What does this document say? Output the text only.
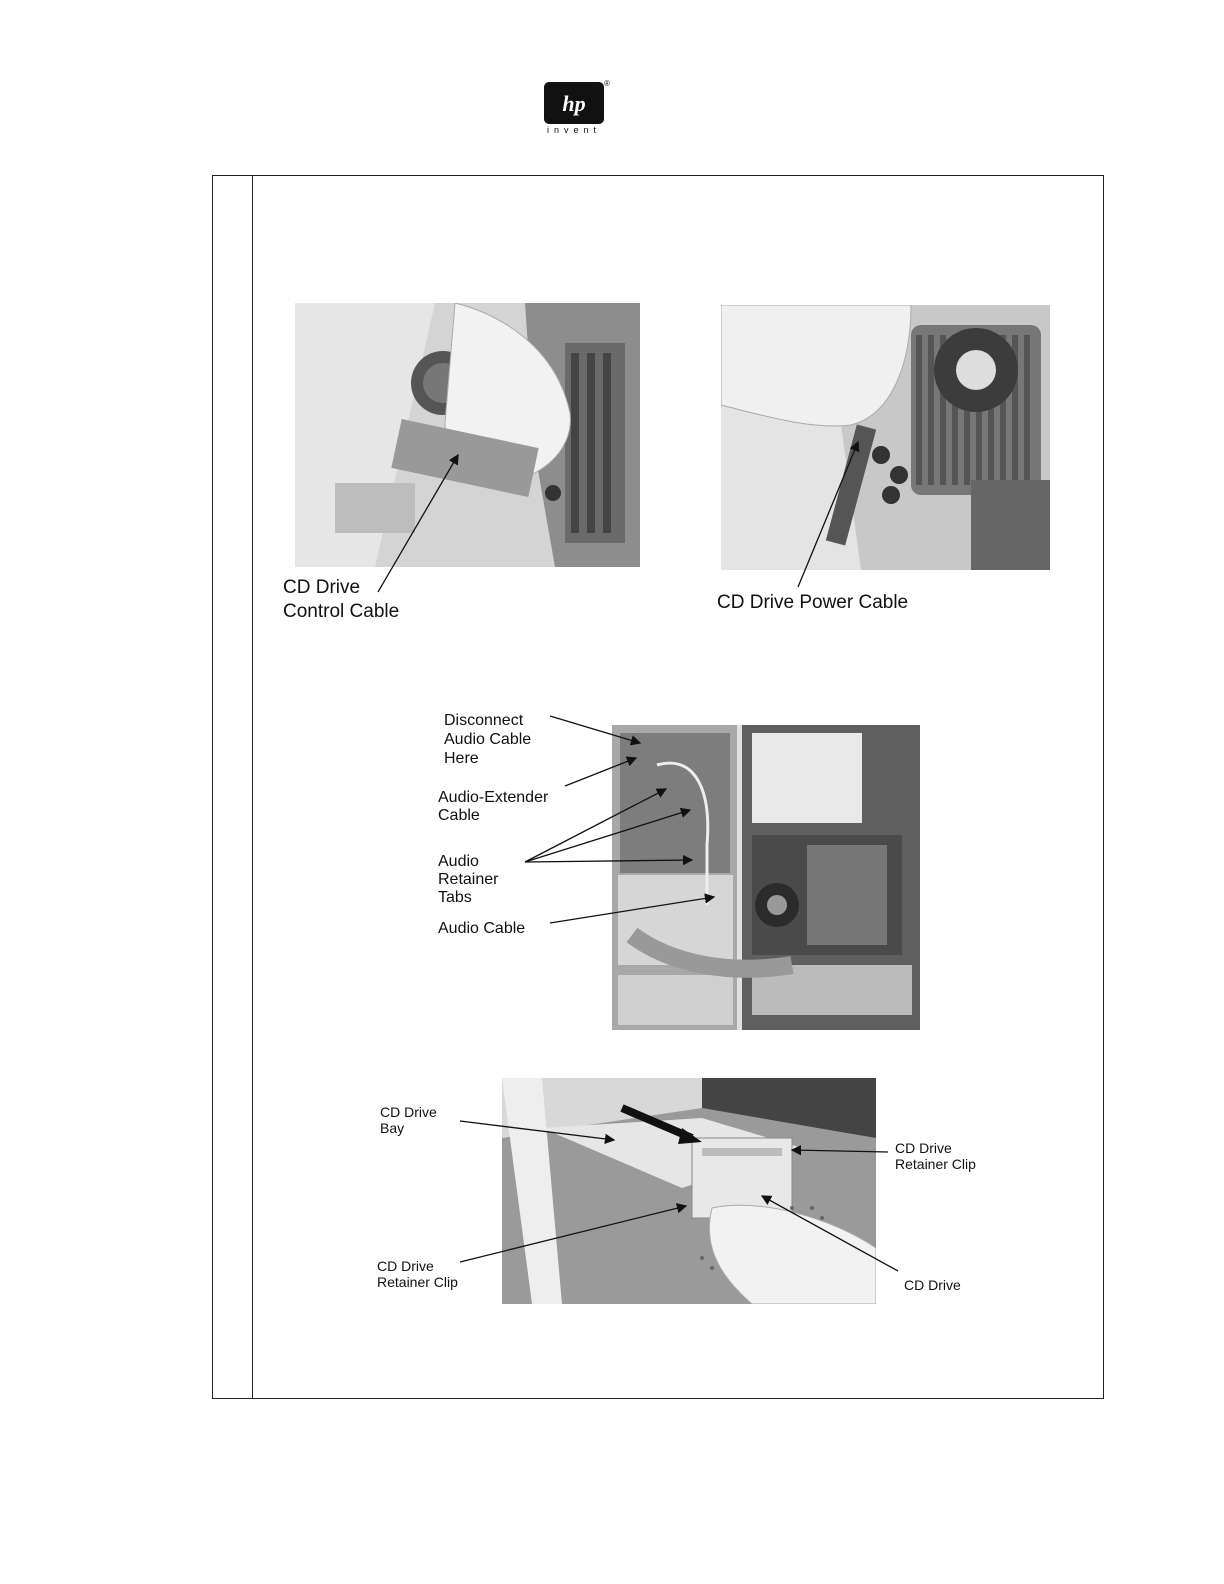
hp
®
invent
CD Drive
Control Cable	CD Drive Power Cable
Disconnect
Audio Cable
Here
Audio-Extender
Cable
Audio
Retainer
Tabs
Audio Cable
CD Drive
Bay
CD Drive
Retainer Clip
CD Drive
Retainer Clip	CD Drive
